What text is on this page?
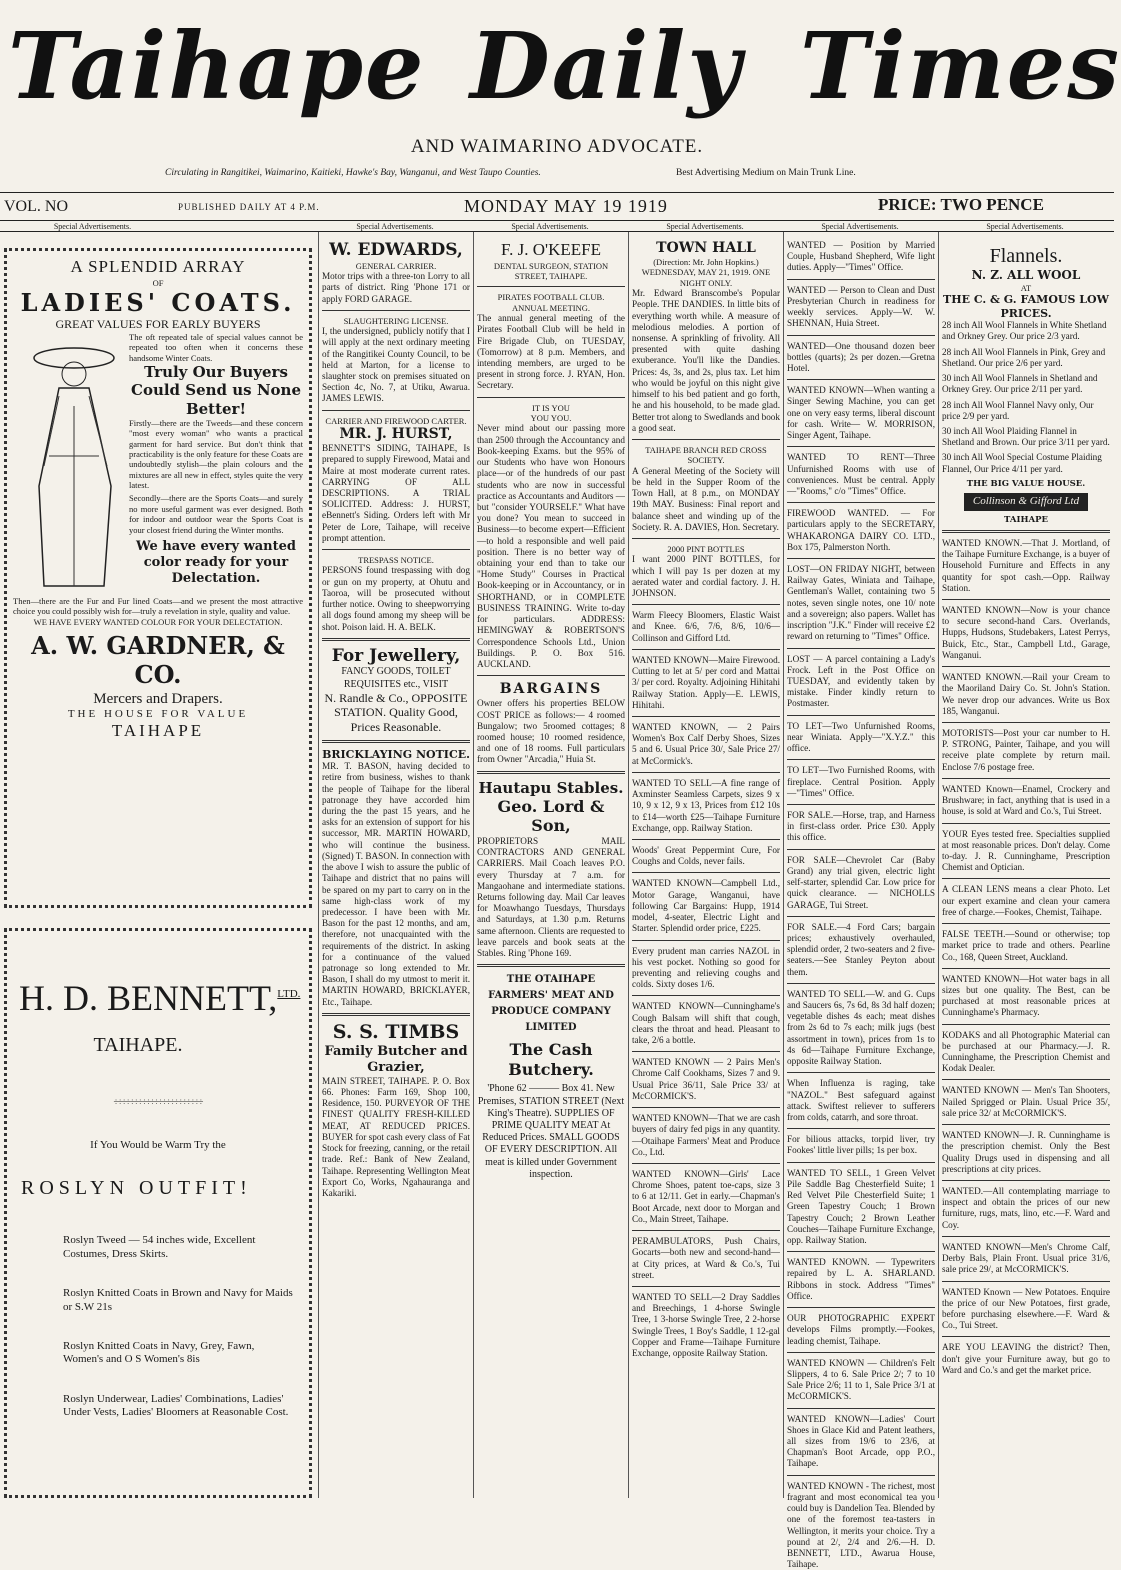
Taihape Daily Times
AND WAIMARINO ADVOCATE.
Circulating in Rangitikei, Waimarino, Kaitieki, Hawke's Bay, Wanganui, and West Taupo Counties.	Best Advertising Medium on Main Trunk Line.
VOL. NO	PUBLISHED DAILY AT 4 P.M.	MONDAY MAY 19 1919	PRICE: TWO PENCE
Special Advertisements.	Special Advertisements.	Special Advertisements.	Special Advertisements.	Special Advertisements.	Special Advertisements.
A SPLENDID ARRAY
OF
LADIES' COATS.
GREAT VALUES FOR EARLY BUYERS
The oft repeated tale of special values cannot be repeated too often when it concerns these handsome Winter Coats.
Truly Our Buyers Could Send us None Better!
Firstly—there are the Tweeds—and these concern "most every woman" who wants a practical garment for hard service. But don't think that practicability is the only feature for these Coats are undoubtedly stylish—the plain colours and the mixtures are all new in effect, styles quite the very latest.
Secondly—there are the Sports Coats—and surely no more useful garment was ever designed. Both for indoor and outdoor wear the Sports Coat is your closest friend during the Winter months.
We have every wanted color ready for your Delectation.
Then—there are the Fur and Fur lined Coats—and we present the most attractive choice you could possibly wish for—truly a revelation in style, quality and value.
WE HAVE EVERY WANTED COLOUR FOR YOUR DELECTATION.
A. W. GARDNER, & CO.
Mercers and Drapers.
THE HOUSE FOR VALUE
TAIHAPE
H. D. BENNETT,$^{LTD.}$
TAIHAPE.
÷÷÷÷÷÷÷÷÷÷÷÷÷÷÷÷÷÷÷÷÷÷
If You Would be Warm Try the
ROSLYN OUTFIT!
Roslyn Tweed — 54 inches wide, Excellent Costumes, Dress Skirts.
Roslyn Knitted Coats in Brown and Navy for Maids or S.W 21s
Roslyn Knitted Coats in Navy, Grey, Fawn, Women's and O S Women's 8is
Roslyn Underwear, Ladies' Combinations, Ladies' Under Vests, Ladies' Bloomers at Reasonable Cost.
W. EDWARDS,
GENERAL CARRIER.

Motor trips with a three-ton Lorry to all parts of district. Ring 'Phone 171 or apply FORD GARAGE.

SLAUGHTERING LICENSE.

I, the undersigned, publicly notify that I will apply at the next ordinary meeting of the Rangitikei County Council, to be held at Marton, for a license to slaughter stock on premises situated on Section 4c, No. 7, at Utiku, Awarua. JAMES LEWIS.

CARRIER AND FIREWOOD CARTER.
MR. J. HURST,

BENNETT'S SIDING, TAIHAPE, Is prepared to supply Firewood, Matai and Maire at most moderate current rates. CARRYING OF ALL DESCRIPTIONS. A TRIAL SOLICITED. Address: J. HURST, eBennett's Siding. Orders left with Mr Peter de Lore, Taihape, will receive prompt attention.

TRESPASS NOTICE.

PERSONS found trespassing with dog or gun on my property, at Ohutu and Taoroa, will be prosecuted without further notice. Owing to sheepworrying all dogs found among my sheep will be shot. Poison laid. H. A. BELK.

For Jewellery,
FANCY GOODS, TOILET REQUISITES etc., VISIT
N. Randle & Co., OPPOSITE STATION. Quality Good, Prices Reasonable.
BRICKLAYING NOTICE.

MR. T. BASON, having decided to retire from business, wishes to thank the people of Taihape for the liberal patronage they have accorded him during the the past 15 years, and he asks for an extension of support for his successor, MR. MARTIN HOWARD, who will continue the business. (Signed) T. BASON. In connection with the above I wish to assure the public of Taihape and district that no pains will be spared on my part to carry on in the same high-class work of my predecessor. I have been with Mr. Bason for the past 12 months, and am, therefore, not unacquainted with the requirements of the district. In asking for a continuance of the valued patronage so long extended to Mr. Bason, I shall do my utmost to merit it. MARTIN HOWARD, BRICKLAYER, Etc., Taihape.

S. S. TIMBS
Family Butcher and Grazier,

MAIN STREET, TAIHAPE. P. O. Box 66. Phones: Farm 169, Shop 100, Residence, 150. PURVEYOR OF THE FINEST QUALITY FRESH-KILLED MEAT, AT REDUCED PRICES. BUYER for spot cash every class of Fat Stock for freezing, canning, or the retail trade. Ref.: Bank of New Zealand, Taihape. Representing Wellington Meat Export Co, Works, Ngahauranga and Kakariki.

F. J. O'KEEFE
DENTAL SURGEON, STATION STREET, TAIHAPE.
PIRATES FOOTBALL CLUB.
ANNUAL MEETING.

The annual general meeting of the Pirates Football Club will be held in Fire Brigade Club, on TUESDAY, (Tomorrow) at 8 p.m. Members, and intending members, are urged to be present in strong force. J. RYAN, Hon. Secretary.

IT IS YOU
YOU YOU.

Never mind about our passing more than 2500 through the Accountancy and Book-keeping Exams. but the 95% of our Students who have won Honours place—or of the hundreds of our past students who are now in successful practice as Accountants and Auditors — but "consider YOURSELF." What have you done? You mean to succeed in Business—to become expert—Efficient—to hold a responsible and well paid position. There is no better way of obtaining your end than to take our "Home Study" Courses in Practical Book-keeping or in Accountancy, or in SHORTHAND, or in COMPLETE BUSINESS TRAINING. Write to-day for particulars. ADDRESS: HEMINGWAY & ROBERTSON'S Correspondence Schools Ltd., Union Buildings. P. O. Box 516. AUCKLAND.

BARGAINS

Owner offers his properties BELOW COST PRICE as follows:— 4 roomed Bungalow; two 5roomed cottages; 8 roomed house; 10 roomed residence, and one of 18 rooms. Full particulars from Owner "Arcadia," Huia St.

Hautapu Stables.
Geo. Lord & Son,

PROPRIETORS MAIL CONTRACTORS AND GENERAL CARRIERS. Mail Coach leaves P.O. every Thursday at 7 a.m. for Mangaohane and intermediate stations. Returns following day. Mail Car leaves for Moawhango Tuesdays, Thursdays and Saturdays, at 1.30 p.m. Returns same afternoon. Clients are requested to leave parcels and book seats at the Stables. Ring 'Phone 169.

THE OTAIHAPE FARMERS' MEAT AND PRODUCE COMPANY LIMITED
The Cash Butchery.

'Phone 62 ——— Box 41. New Premises, STATION STREET (Next King's Theatre). SUPPLIES OF PRIME QUALITY MEAT At Reduced Prices. SMALL GOODS OF EVERY DESCRIPTION. All meat is killed under Government inspection.

TOWN HALL
(Direction: Mr. John Hopkins.) WEDNESDAY, MAY 21, 1919. ONE NIGHT ONLY.

Mr. Edward Branscombe's Popular People. THE DANDIES. In little bits of everything worth while. A measure of melodious melodies. A portion of nonsense. A sprinkling of frivolity. All presented with quite dashing exuberance. You'll like the Dandies. Prices: 4s, 3s, and 2s, plus tax. Let him who would be joyful on this night give himself to his bed patient and go forth, he and his household, to be made glad. Better trot along to Swedlands and book a good seat.

TAIHAPE BRANCH RED CROSS SOCIETY.

A General Meeting of the Society will be held in the Supper Room of the Town Hall, at 8 p.m., on MONDAY 19th MAY. Business: Final report and balance sheet and winding up of the Society. R. A. DAVIES, Hon. Secretary.

2000 PINT BOTTLES

I want 2000 PINT BOTTLES, for which I will pay 1s per dozen at my aerated water and cordial factory. J. H. JOHNSON.

Warm Fleecy Bloomers, Elastic Waist and Knee. 6/6, 7/6, 8/6, 10/6—Collinson and Gifford Ltd.

WANTED KNOWN—Maire Firewood. Cutting to let at 5/ per cord and Mattai 3/ per cord. Royalty. Adjoining Hihitahi Railway Station. Apply—E. LEWIS, Hihitahi.

WANTED KNOWN, — 2 Pairs Women's Box Calf Derby Shoes, Sizes 5 and 6. Usual Price 30/, Sale Price 27/ at McCormick's.

WANTED TO SELL—A fine range of Axminster Seamless Carpets, sizes 9 x 10, 9 x 12, 9 x 13, Prices from £12 10s to £14—worth £25—Taihape Furniture Exchange, opp. Railway Station.

Woods' Great Peppermint Cure, For Coughs and Colds, never fails.

WANTED KNOWN—Campbell Ltd., Motor Garage, Wanganui, have following Car Bargains: Hupp, 1914 model, 4-seater, Electric Light and Starter. Splendid order price, £225.

Every prudent man carries NAZOL in his vest pocket. Nothing so good for preventing and relieving coughs and colds. Sixty doses 1/6.

WANTED KNOWN—Cunninghame's Cough Balsam will shift that cough, clears the throat and head. Pleasant to take, 2/6 a bottle.

WANTED KNOWN — 2 Pairs Men's Chrome Calf Cookhams, Sizes 7 and 9. Usual Price 36/11, Sale Price 33/ at McCORMICK'S.

WANTED KNOWN—That we are cash buyers of dairy fed pigs in any quantity.—Otaihape Farmers' Meat and Produce Co., Ltd.

WANTED KNOWN—Girls' Lace Chrome Shoes, patent toe-caps, size 3 to 6 at 12/11. Get in early.—Chapman's Boot Arcade, next door to Morgan and Co., Main Street, Taihape.

PERAMBULATORS, Push Chairs, Gocarts—both new and second-hand—at City prices, at Ward & Co.'s, Tui street.

WANTED TO SELL—2 Dray Saddles and Breechings, 1 4-horse Swingle Tree, 1 3-horse Swingle Tree, 2 2-horse Swingle Trees, 1 Boy's Saddle, 1 12-gal Copper and Frame—Taihape Furniture Exchange, opposite Railway Station.

WANTED — Position by Married Couple, Husband Shepherd, Wife light duties. Apply—"Times" Office.

WANTED — Person to Clean and Dust Presbyterian Church in readiness for weekly services. Apply—W. W. SHENNAN, Huia Street.

WANTED—One thousand dozen beer bottles (quarts); 2s per dozen.—Gretna Hotel.

WANTED KNOWN—When wanting a Singer Sewing Machine, you can get one on very easy terms, liberal discount for cash. Write— W. MORRISON, Singer Agent, Taihape.

WANTED TO RENT—Three Unfurnished Rooms with use of conveniences. Must be central. Apply—"Rooms," c/o "Times" Office.

FIREWOOD WANTED. — For particulars apply to the SECRETARY, WHAKARONGA DAIRY CO. LTD., Box 175, Palmerston North.

LOST—ON FRIDAY NIGHT, between Railway Gates, Winiata and Taihape, Gentleman's Wallet, containing two 5 notes, seven single notes, one 10/ note and a sovereign; also papers. Wallet has inscription "J.K." Finder will receive £2 reward on returning to "Times" Office.

LOST — A parcel containing a Lady's Frock. Left in the Post Office on TUESDAY, and evidently taken by mistake. Finder kindly return to Postmaster.

TO LET—Two Unfurnished Rooms, near Winiata. Apply—"X.Y.Z." this office.

TO LET—Two Furnished Rooms, with fireplace. Central Position. Apply—"Times" Office.

FOR SALE.—Horse, trap, and Harness in first-class order. Price £30. Apply this office.

FOR SALE—Chevrolet Car (Baby Grand) any trial given, electric light self-starter, splendid Car. Low price for quick clearance. — NICHOLLS GARAGE, Tui Street.

FOR SALE.—4 Ford Cars; bargain prices; exhaustively overhauled, splendid order, 2 two-seaters and 2 five-seaters.—See Stanley Peyton about them.

WANTED TO SELL—W. and G. Cups and Saucers 6s, 7s 6d, 8s 3d half dozen; vegetable dishes 4s each; meat dishes from 2s 6d to 7s each; milk jugs (best assortment in town), prices from 1s to 4s 6d—Taihape Furniture Exchange, opposite Railway Station.

When Influenza is raging, take "NAZOL." Best safeguard against attack. Swiftest reliever to sufferers from colds, catarrh, and sore throat.

For bilious attacks, torpid liver, try Fookes' little liver pills; 1s per box.

WANTED TO SELL, 1 Green Velvet Pile Saddle Bag Chesterfield Suite; 1 Red Velvet Pile Chesterfield Suite; 1 Green Tapestry Couch; 1 Brown Tapestry Couch; 2 Brown Leather Couches—Taihape Furniture Exchange, opp. Railway Station.

WANTED KNOWN. — Typewriters repaired by L. A. SHARLAND. Ribbons in stock. Address "Times" Office.

OUR PHOTOGRAPHIC EXPERT develops Films promptly.—Fookes, leading chemist, Taihape.

WANTED KNOWN — Children's Felt Slippers, 4 to 6. Sale Price 2/; 7 to 10 Sale Price 2/6; 11 to 1, Sale Price 3/1 at McCORMICK'S.

WANTED KNOWN—Ladies' Court Shoes in Glace Kid and Patent leathers, all sizes from 19/6 to 23/6, at Chapman's Boot Arcade, opp P.O., Taihape.

WANTED KNOWN - The richest, most fragrant and most economical tea you could buy is Dandelion Tea. Blended by one of the foremost tea-tasters in Wellington, it merits your choice. Try a pound at 2/, 2/4 and 2/6.—H. D. BENNETT, LTD., Awarua House, Taihape.

Flannels.
N. Z. ALL WOOL
AT
THE C. & G. FAMOUS LOW PRICES.

28 inch All Wool Flannels in White Shetland and Orkney Grey. Our price 2/3 yard.

28 inch All Wool Flannels in Pink, Grey and Shetland. Our price 2/6 per yard.

30 inch All Wool Flannels in Shetland and Orkney Grey. Our price 2/11 per yard.

28 inch All Wool Flannel Navy only, Our price 2/9 per yard.

30 inch All Wool Plaiding Flannel in Shetland and Brown. Our price 3/11 per yard.

30 inch All Wool Special Costume Plaiding Flannel, Our Price 4/11 per yard.

THE BIG VALUE HOUSE.
Collinson & Gifford Ltd
TAIHAPE

WANTED KNOWN.—That J. Mortland, of the Taihape Furniture Exchange, is a buyer of Household Furniture and Effects in any quantity for spot cash.—Opp. Railway Station.

WANTED KNOWN—Now is your chance to secure second-hand Cars. Overlands, Hupps, Hudsons, Studebakers, Latest Perrys, Buick, Etc., Star., Campbell Ltd., Garage, Wanganui.

WANTED KNOWN.—Rail your Cream to the Maoriland Dairy Co. St. John's Station. We never drop our advances. Write us Box 185, Wanganui.

MOTORISTS—Post your car number to H. P. STRONG, Painter, Taihape, and you will receive plate complete by return mail. Enclose 7/6 postage free.

WANTED Known—Enamel, Crockery and Brushware; in fact, anything that is used in a house, is sold at Ward and Co.'s, Tui Street.

YOUR Eyes tested free. Specialties supplied at most reasonable prices. Don't delay. Come to-day. J. R. Cunninghame, Prescription Chemist and Optician.

A CLEAN LENS means a clear Photo. Let our expert examine and clean your camera free of charge.—Fookes, Chemist, Taihape.

FALSE TEETH.—Sound or otherwise; top market price to trade and others. Pearline Co., 168, Queen Street, Auckland.

WANTED KNOWN—Hot water bags in all sizes but one quality. The Best, can be purchased at most reasonable prices at Cunninghame's Pharmacy.

KODAKS and all Photographic Material can be purchased at our Pharmacy.—J. R. Cunninghame, the Prescription Chemist and Kodak Dealer.

WANTED KNOWN — Men's Tan Shooters, Nailed Sprigged or Plain. Usual Price 35/, sale price 32/ at McCORMICK'S.

WANTED KNOWN—J. R. Cunninghame is the prescription chemist. Only the Best Quality Drugs used in dispensing and all prescriptions at city prices.

WANTED.—All contemplating marriage to inspect and obtain the prices of our new furniture, rugs, mats, lino, etc.—F. Ward and Coy.

WANTED KNOWN—Men's Chrome Calf, Derby Bals, Plain Front. Usual price 31/6, sale price 29/, at McCORMICK'S.

WANTED Known — New Potatoes. Enquire the price of our New Potatoes, first grade, before purchasing elsewhere.—F. Ward & Co., Tui Street.

ARE YOU LEAVING the district? Then, don't give your Furniture away, but go to Ward and Co.'s and get the market price.
